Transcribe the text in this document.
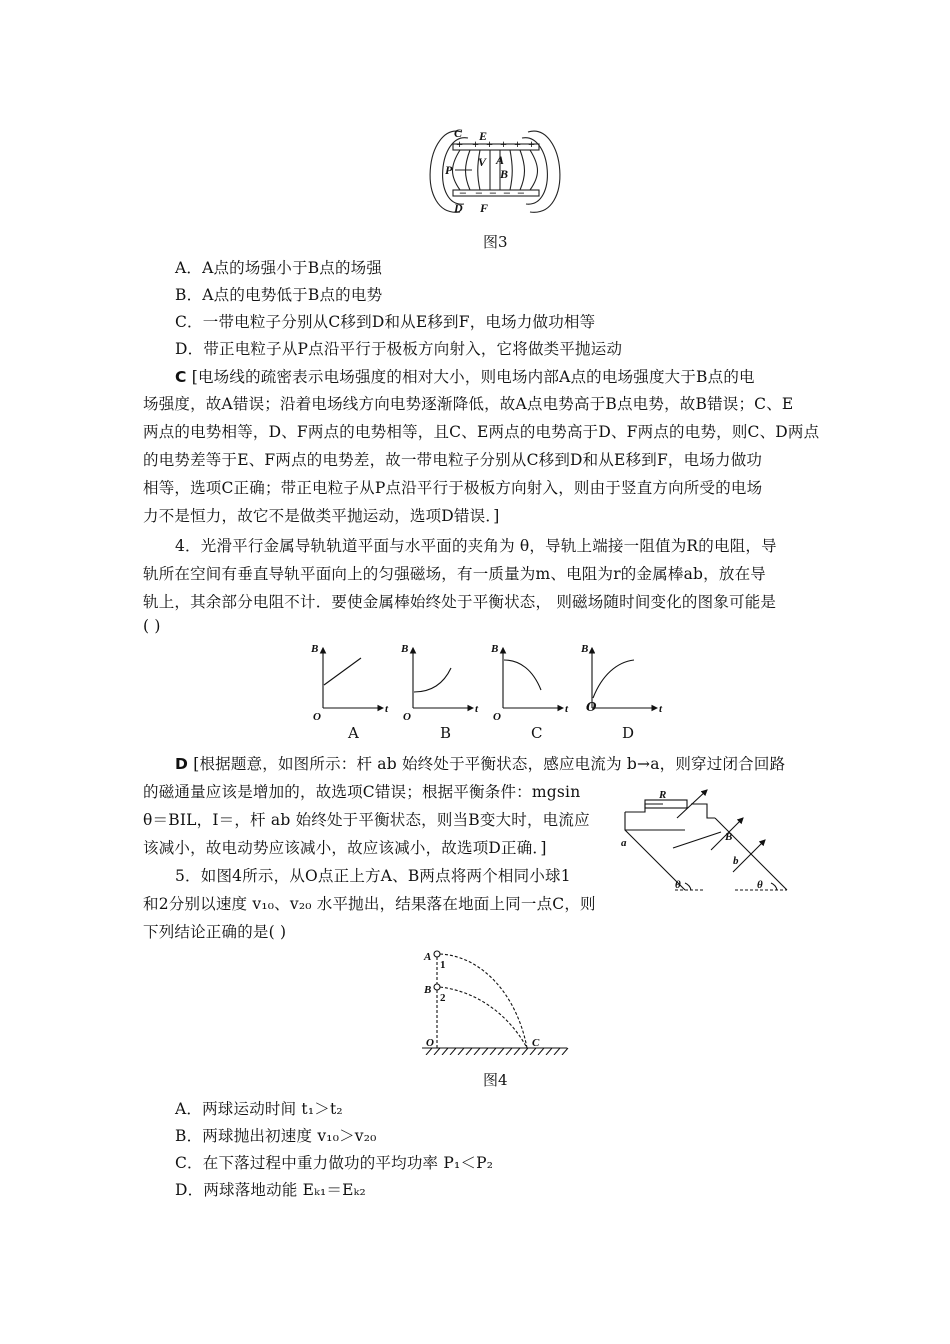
+ + + + + +
– – – – –
C E
P
V A
B
D F
图3
A．A点的场强小于B点的场强
B．A点的电势低于B点的电势
C．一带电粒子分别从C移到D和从E移到F，电场力做功相等
D．带正电粒子从P点沿平行于极板方向射入，它将做类平抛运动
C [电场线的疏密表示电场强度的相对大小，则电场内部A点的电场强度大于B点的电
场强度，故A错误；沿着电场线方向电势逐渐降低，故A点电势高于B点电势，故B错误；C、E
两点的电势相等，D、F两点的电势相等，且C、E两点的电势高于D、F两点的电势，则C、D两点
的电势差等于E、F两点的电势差，故一带电粒子分别从C移到D和从E移到F，电场力做功
相等，选项C正确；带正电粒子从P点沿平行于极板方向射入，则由于竖直方向所受的电场
力不是恒力，故它不是做类平抛运动，选项D错误．]
4．光滑平行金属导轨轨道平面与水平面的夹角为 θ，导轨上端接一阻值为R的电阻，导
轨所在空间有垂直导轨平面向上的匀强磁场，有一质量为m、电阻为r的金属棒ab，放在导
轨上，其余部分电阻不计．要使金属棒始终处于平衡状态， 则磁场随时间变化的图象可能是
( )
B
O
t
B
O
t
B
O
t
B
t
A	B	C	D
O
D [根据题意，如图所示：杆 ab 始终处于平衡状态，感应电流为 b→a，则穿过闭合回路
的磁通量应该是增加的，故选项C错误；根据平衡条件：mgsin
θ＝BIL，I＝，杆 ab 始终处于平衡状态，则当B变大时，电流应
该减小，故电动势应该减小，故应该减小，故选项D正确．]
R
B
a
b
θ	θ
5．如图4所示，从O点正上方A、B两点将两个相同小球1
和2分别以速度 v₁₀、v₂₀ 水平抛出，结果落在地面上同一点C，则
下列结论正确的是( )
A
1
B
2
O	C
图4
A．两球运动时间 t₁＞t₂
B．两球抛出初速度 v₁₀＞v₂₀
C．在下落过程中重力做功的平均功率 P₁＜P₂
D．两球落地动能 Eₖ₁＝Eₖ₂
